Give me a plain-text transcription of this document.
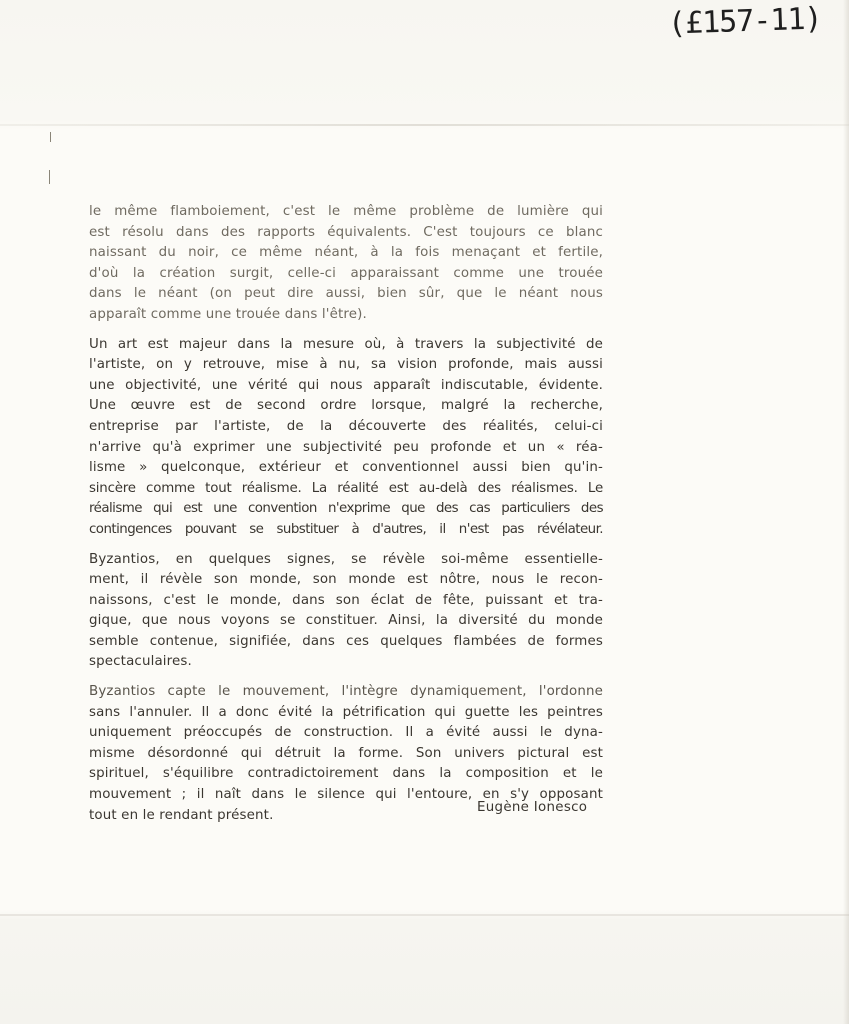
(£157-11)
le même flamboiement, c'est le même problème de lumière qui
est résolu dans des rapports équivalents. C'est toujours ce blanc
naissant du noir, ce même néant, à la fois menaçant et fertile,
d'où la création surgit, celle-ci apparaissant comme une trouée
dans le néant (on peut dire aussi, bien sûr, que le néant nous
apparaît comme une trouée dans l'être).
Un art est majeur dans la mesure où, à travers la subjectivité de
l'artiste, on y retrouve, mise à nu, sa vision profonde, mais aussi
une objectivité, une vérité qui nous apparaît indiscutable, évidente.
Une œuvre est de second ordre lorsque, malgré la recherche,
entreprise par l'artiste, de la découverte des réalités, celui-ci
n'arrive qu'à exprimer une subjectivité peu profonde et un « réa-
lisme » quelconque, extérieur et conventionnel aussi bien qu'in-
sincère comme tout réalisme. La réalité est au-delà des réalismes. Le
réalisme qui est une convention n'exprime que des cas particuliers des
contingences pouvant se substituer à d'autres, il n'est pas révélateur.
Byzantios, en quelques signes, se révèle soi-même essentielle-
ment, il révèle son monde, son monde est nôtre, nous le recon-
naissons, c'est le monde, dans son éclat de fête, puissant et tra-
gique, que nous voyons se constituer. Ainsi, la diversité du monde
semble contenue, signifiée, dans ces quelques flambées de formes
spectaculaires.
Byzantios capte le mouvement, l'intègre dynamiquement, l'ordonne
sans l'annuler. Il a donc évité la pétrification qui guette les peintres
uniquement préoccupés de construction. Il a évité aussi le dyna-
misme désordonné qui détruit la forme. Son univers pictural est
spirituel, s'équilibre contradictoirement dans la composition et le
mouvement ; il naît dans le silence qui l'entoure, en s'y opposant
tout en le rendant présent.
Eugène Ionesco
